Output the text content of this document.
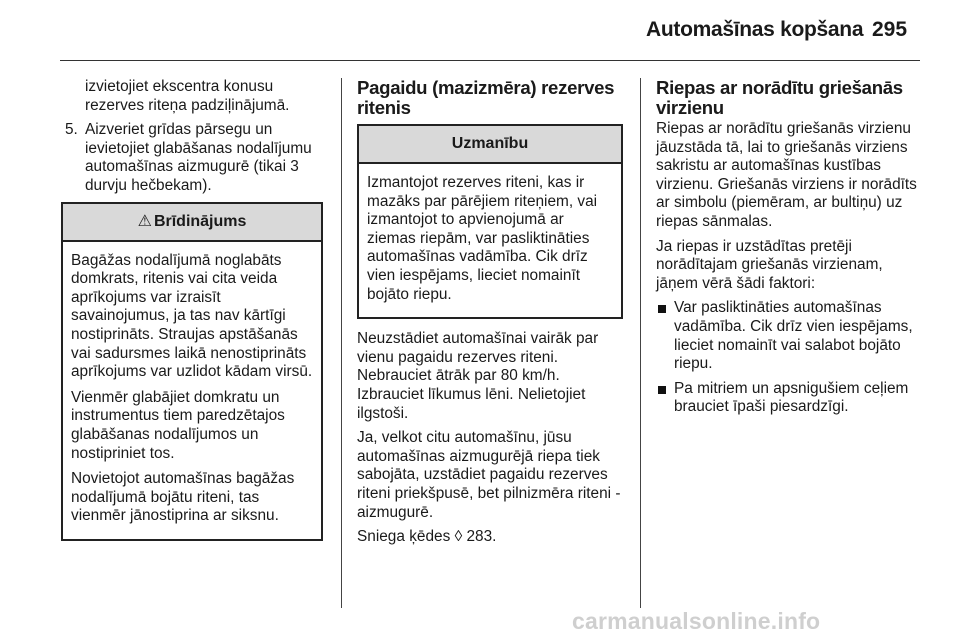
Automašīnas kopšana 295

izvietojiet ekscentra konusu rezerves riteņa padziļinājumā.

5. Aizveriet grīdas pārsegu un ievietojiet glabāšanas nodalījumu automašīnas aizmugurē (tikai 3 durvju hečbekam).
⚠ Brīdinājums

Bagāžas nodalījumā noglabāts domkrats, ritenis vai cita veida aprīkojums var izraisīt savainojumus, ja tas nav kārtīgi nostiprināts. Straujas apstāšanās vai sadursmes laikā nenostiprināts aprīkojums var uzlidot kādam virsū.

Vienmēr glabājiet domkratu un instrumentus tiem paredzētajos glabāšanas nodalījumos un nostipriniet tos.

Novietojot automašīnas bagāžas nodalījumā bojātu riteni, tas vienmēr jānostiprina ar siksnu.

Pagaidu (mazizmēra) rezerves ritenis
Uzmanību

Izmantojot rezerves riteni, kas ir mazāks par pārējiem riteņiem, vai izmantojot to apvienojumā ar ziemas riepām, var pasliktināties automašīnas vadāmība. Cik drīz vien iespējams, lieciet nomainīt bojāto riepu.

Neuzstādiet automašīnai vairāk par vienu pagaidu rezerves riteni. Nebrauciet ātrāk par 80 km/h. Izbrauciet līkumus lēni. Nelietojiet ilgstoši.

Ja, velkot citu automašīnu, jūsu automašīnas aizmugurējā riepa tiek sabojāta, uzstādiet pagaidu rezerves riteni priekšpusē, bet pilnizmēra riteni - aizmugurē.

Sniega ķēdes ◊ 283.

Riepas ar norādītu griešanās virzienu

Riepas ar norādītu griešanās virzienu jāuzstāda tā, lai to griešanās virziens sakristu ar automašīnas kustības virzienu. Griešanās virziens ir norādīts ar simbolu (piemēram, ar bultiņu) uz riepas sānmalas.

Ja riepas ir uzstādītas pretēji norādītajam griešanās virzienam, jāņem vērā šādi faktori:

Var pasliktināties automašīnas vadāmība. Cik drīz vien iespējams, lieciet nomainīt vai salabot bojāto riepu.
Pa mitriem un apsnigušiem ceļiem brauciet īpaši piesardzīgi.
carmanualsonline.info
